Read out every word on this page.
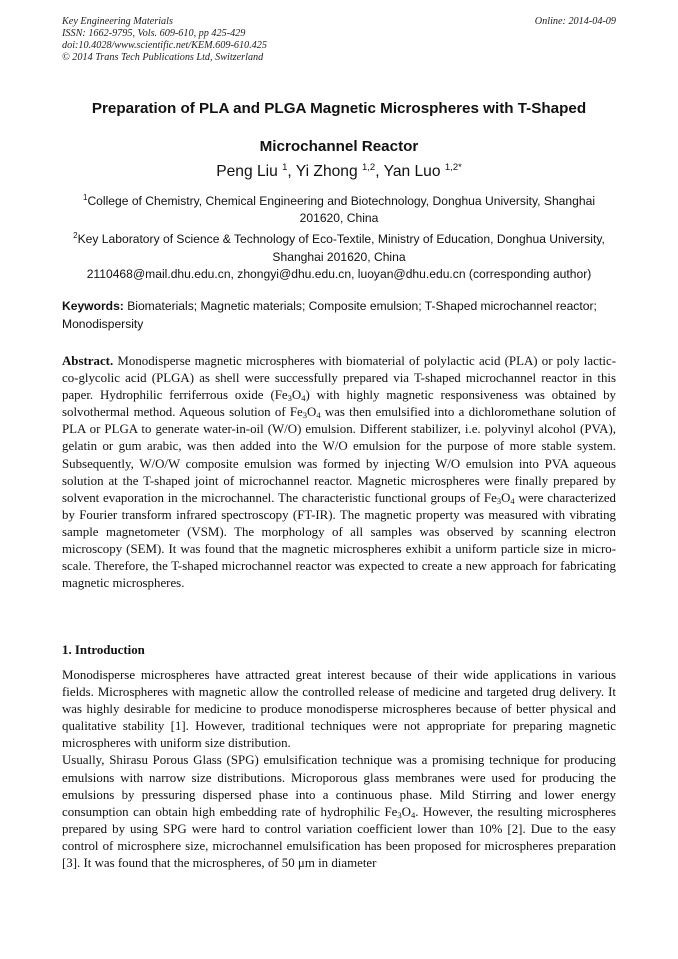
Key Engineering Materials
ISSN: 1662-9795, Vols. 609-610, pp 425-429
doi:10.4028/www.scientific.net/KEM.609-610.425
© 2014 Trans Tech Publications Ltd, Switzerland
Online: 2014-04-09
Preparation of PLA and PLGA Magnetic Microspheres with T-Shaped
Microchannel Reactor
Peng Liu $^1$, Yi Zhong $^{1,2}$, Yan Luo $^{1,2*}$
$^1$College of Chemistry, Chemical Engineering and Biotechnology, Donghua University, Shanghai
201620, China
$^2$Key Laboratory of Science & Technology of Eco-Textile, Ministry of Education, Donghua University,
Shanghai 201620, China
2110468@mail.dhu.edu.cn, zhongyi@dhu.edu.cn, luoyan@dhu.edu.cn (corresponding author)
Keywords: Biomaterials; Magnetic materials; Composite emulsion; T-Shaped microchannel reactor; Monodispersity
Abstract. Monodisperse magnetic microspheres with biomaterial of polylactic acid (PLA) or poly lactic-co-glycolic acid (PLGA) as shell were successfully prepared via T-shaped microchannel reactor in this paper. Hydrophilic ferriferrous oxide $(Fe_3O_4)$ with highly magnetic responsiveness was obtained by solvothermal method. Aqueous solution of $Fe_3O_4$ was then emulsified into a dichloromethane solution of PLA or PLGA to generate water-in-oil (W/O) emulsion. Different stabilizer, i.e. polyvinyl alcohol (PVA), gelatin or gum arabic, was then added into the W/O emulsion for the purpose of more stable system. Subsequently, W/O/W composite emulsion was formed by injecting W/O emulsion into PVA aqueous solution at the T-shaped joint of microchannel reactor. Magnetic microspheres were finally prepared by solvent evaporation in the microchannel. The characteristic functional groups of $Fe_3O_4$ were characterized by Fourier transform infrared spectroscopy (FT-IR). The magnetic property was measured with vibrating sample magnetometer (VSM). The morphology of all samples was observed by scanning electron microscopy (SEM). It was found that the magnetic microspheres exhibit a uniform particle size in micro-scale. Therefore, the T-shaped microchannel reactor was expected to create a new approach for fabricating magnetic microspheres.
1. Introduction

Monodisperse microspheres have attracted great interest because of their wide applications in various fields. Microspheres with magnetic allow the controlled release of medicine and targeted drug delivery. It was highly desirable for medicine to produce monodisperse microspheres because of better physical and qualitative stability [1]. However, traditional techniques were not appropriate for preparing magnetic microspheres with uniform size distribution.

Usually, Shirasu Porous Glass (SPG) emulsification technique was a promising technique for producing emulsions with narrow size distributions. Microporous glass membranes were used for producing the emulsions by pressuring dispersed phase into a continuous phase. Mild Stirring and lower energy consumption can obtain high embedding rate of hydrophilic $Fe_3O_4$. However, the resulting microspheres prepared by using SPG were hard to control variation coefficient lower than 10% [2]. Due to the easy control of microsphere size, microchannel emulsification has been proposed for microspheres preparation [3]. It was found that the microspheres, of 50 μm in diameter
